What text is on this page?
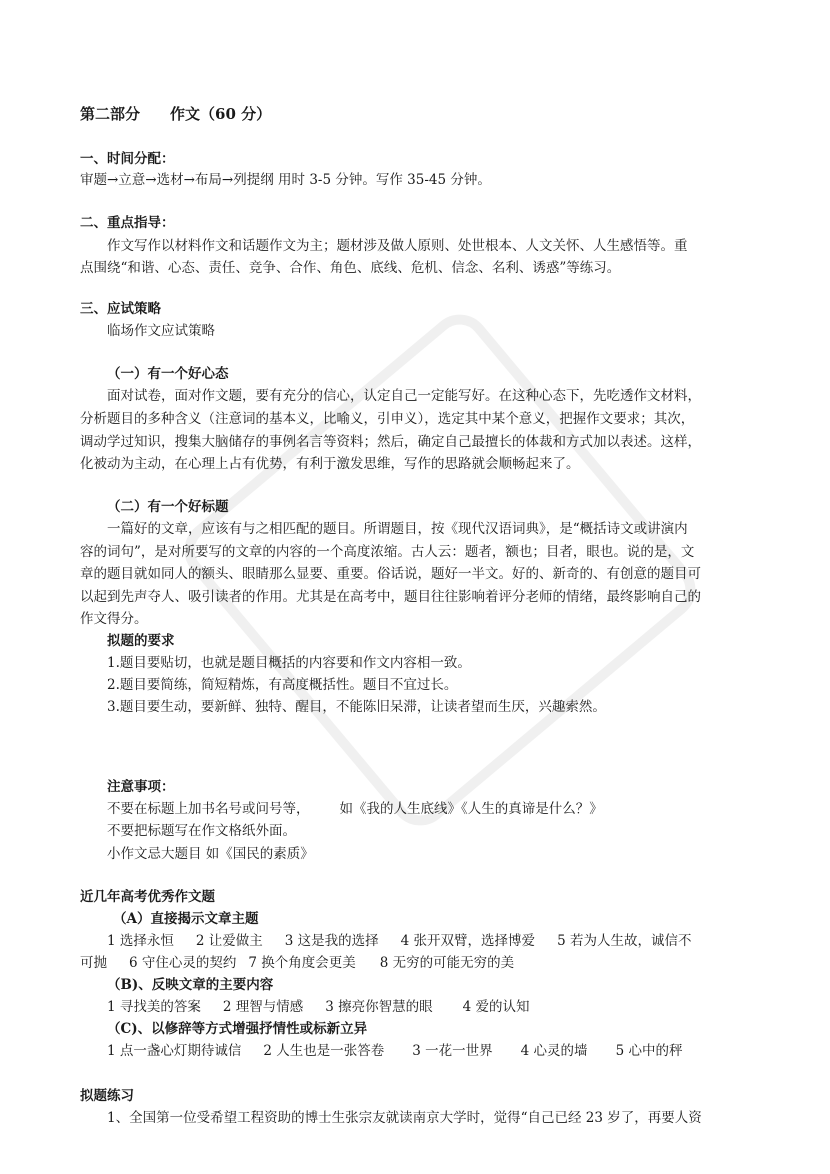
第二部分 作文（60 分）
一、时间分配：
审题→立意→选材→布局→列提纲 用时 3-5 分钟。写作 35-45 分钟。
二、重点指导：
作文写作以材料作文和话题作文为主；题材涉及做人原则、处世根本、人文关怀、人生感悟等。重
点围绕“和谐、心态、责任、竞争、合作、角色、底线、危机、信念、名利、诱惑”等练习。
三、应试策略
临场作文应试策略
（一）有一个好心态
面对试卷，面对作文题，要有充分的信心，认定自己一定能写好。在这种心态下，先吃透作文材料，
分析题目的多种含义（注意词的基本义，比喻义，引申义），选定其中某个意义，把握作文要求；其次，
调动学过知识，搜集大脑储存的事例名言等资料；然后，确定自己最擅长的体裁和方式加以表述。这样，
化被动为主动，在心理上占有优势，有利于激发思维，写作的思路就会顺畅起来了。
（二）有一个好标题
一篇好的文章，应该有与之相匹配的题目。所谓题目，按《现代汉语词典》，是“概括诗文或讲演内
容的词句”，是对所要写的文章的内容的一个高度浓缩。古人云：题者，额也；目者，眼也。说的是，文
章的题目就如同人的额头、眼睛那么显要、重要。俗话说，题好一半文。好的、新奇的、有创意的题目可
以起到先声夺人、吸引读者的作用。尤其是在高考中，题目往往影响着评分老师的情绪，最终影响自己的
作文得分。
拟题的要求
1.题目要贴切，也就是题目概括的内容要和作文内容相一致。
2.题目要简练，简短精炼，有高度概括性。题目不宜过长。
3.题目要生动，要新鲜、独特、醒目，不能陈旧呆滞，让读者望而生厌，兴趣索然。
注意事项：
不要在标题上加书名号或问号等， 如《我的人生底线》《人生的真谛是什么？》
不要把标题写在作文格纸外面。
小作文忌大题目 如《国民的素质》
近几年高考优秀作文题
（A）直接揭示文章主题
1 选择永恒 2 让爱做主 3 这是我的选择 4 张开双臂，选择博爱 5 若为人生故，诚信不
可抛 6 守住心灵的契约 7 换个角度会更美 8 无穷的可能无穷的美
（B)、反映文章的主要内容
1 寻找美的答案 2 理智与情感 3 擦亮你智慧的眼 4 爱的认知
（C)、以修辞等方式增强抒情性或标新立异
1 点一盏心灯期待诚信 2 人生也是一张答卷 3 一花一世界 4 心灵的墙 5 心中的秤
拟题练习
1、全国第一位受希望工程资助的博士生张宗友就读南京大学时，觉得“自己已经 23 岁了，再要人资
